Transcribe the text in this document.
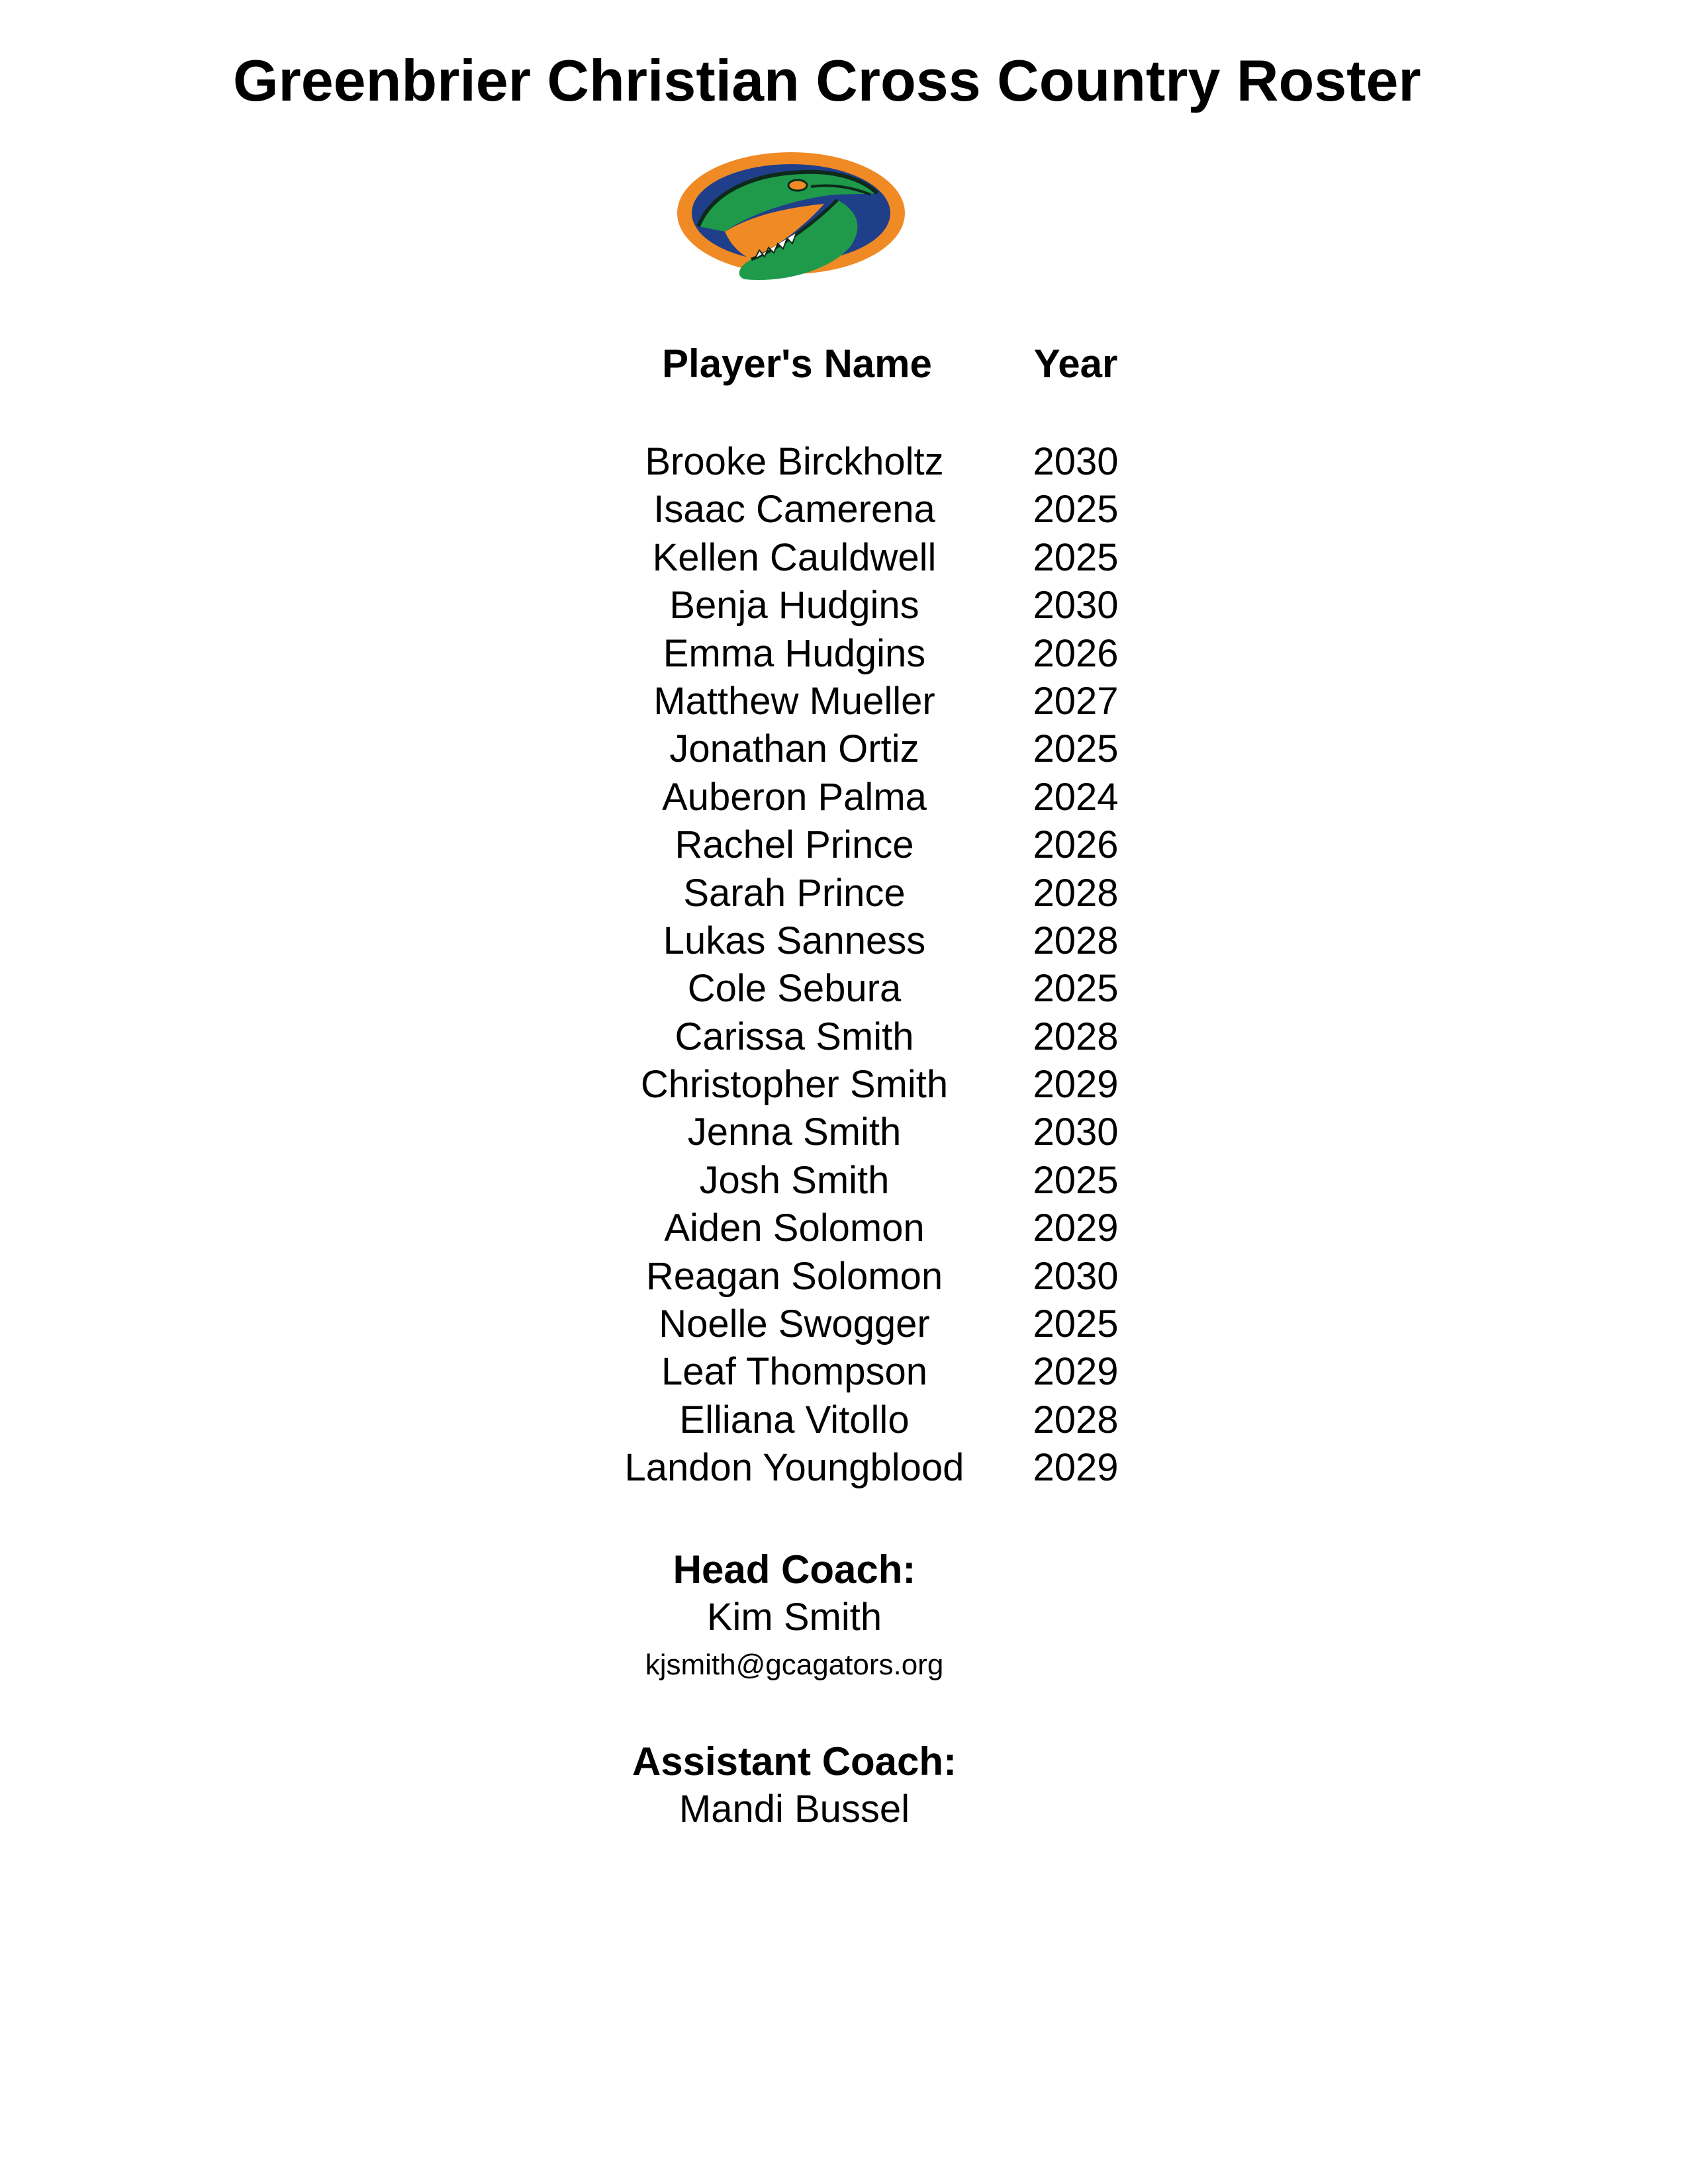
Greenbrier Christian Cross Country Roster
Player's Name	Year
Brooke Birckholtz	2030
Isaac Camerena	2025
Kellen Cauldwell	2025
Benja Hudgins	2030
Emma Hudgins	2026
Matthew Mueller	2027
Jonathan Ortiz	2025
Auberon Palma	2024
Rachel Prince	2026
Sarah Prince	2028
Lukas Sanness	2028
Cole Sebura	2025
Carissa Smith	2028
Christopher Smith	2029
Jenna Smith	2030
Josh Smith	2025
Aiden Solomon	2029
Reagan Solomon	2030
Noelle Swogger	2025
Leaf Thompson	2029
Elliana Vitollo	2028
Landon Youngblood	2029
Head Coach:
Kim Smith
kjsmith@gcagators.org
Assistant Coach:
Mandi Bussel
